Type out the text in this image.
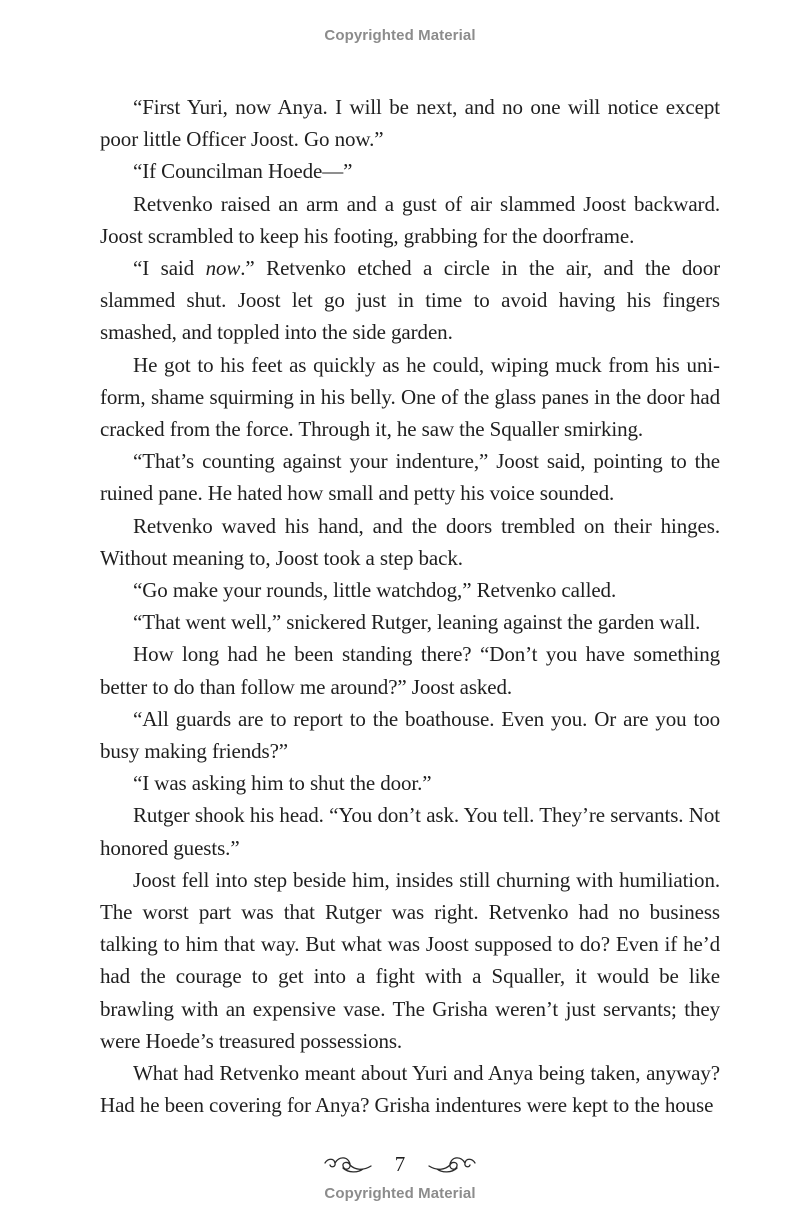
Copyrighted Material

“First Yuri, now Anya. I will be next, and no one will notice except poor little Officer Joost. Go now.”

“If Councilman Hoede—”

Retvenko raised an arm and a gust of air slammed Joost backward. Joost scrambled to keep his footing, grabbing for the doorframe.

“I said now.” Retvenko etched a circle in the air, and the door slammed shut. Joost let go just in time to avoid having his fingers smashed, and toppled into the side garden.

He got to his feet as quickly as he could, wiping muck from his uniform, shame squirming in his belly. One of the glass panes in the door had cracked from the force. Through it, he saw the Squaller smirking.

“That’s counting against your indenture,” Joost said, pointing to the ruined pane. He hated how small and petty his voice sounded.

Retvenko waved his hand, and the doors trembled on their hinges. Without meaning to, Joost took a step back.

“Go make your rounds, little watchdog,” Retvenko called.

“That went well,” snickered Rutger, leaning against the garden wall.

How long had he been standing there? “Don’t you have something better to do than follow me around?” Joost asked.

“All guards are to report to the boathouse. Even you. Or are you too busy making friends?”

“I was asking him to shut the door.”

Rutger shook his head. “You don’t ask. You tell. They’re servants. Not honored guests.”

Joost fell into step beside him, insides still churning with humiliation. The worst part was that Rutger was right. Retvenko had no business talking to him that way. But what was Joost supposed to do? Even if he’d had the courage to get into a fight with a Squaller, it would be like brawling with an expensive vase. The Grisha weren’t just servants; they were Hoede’s treasured possessions.

What had Retvenko meant about Yuri and Anya being taken, anyway? Had he been covering for Anya? Grisha indentures were kept to the house

7
Copyrighted Material
